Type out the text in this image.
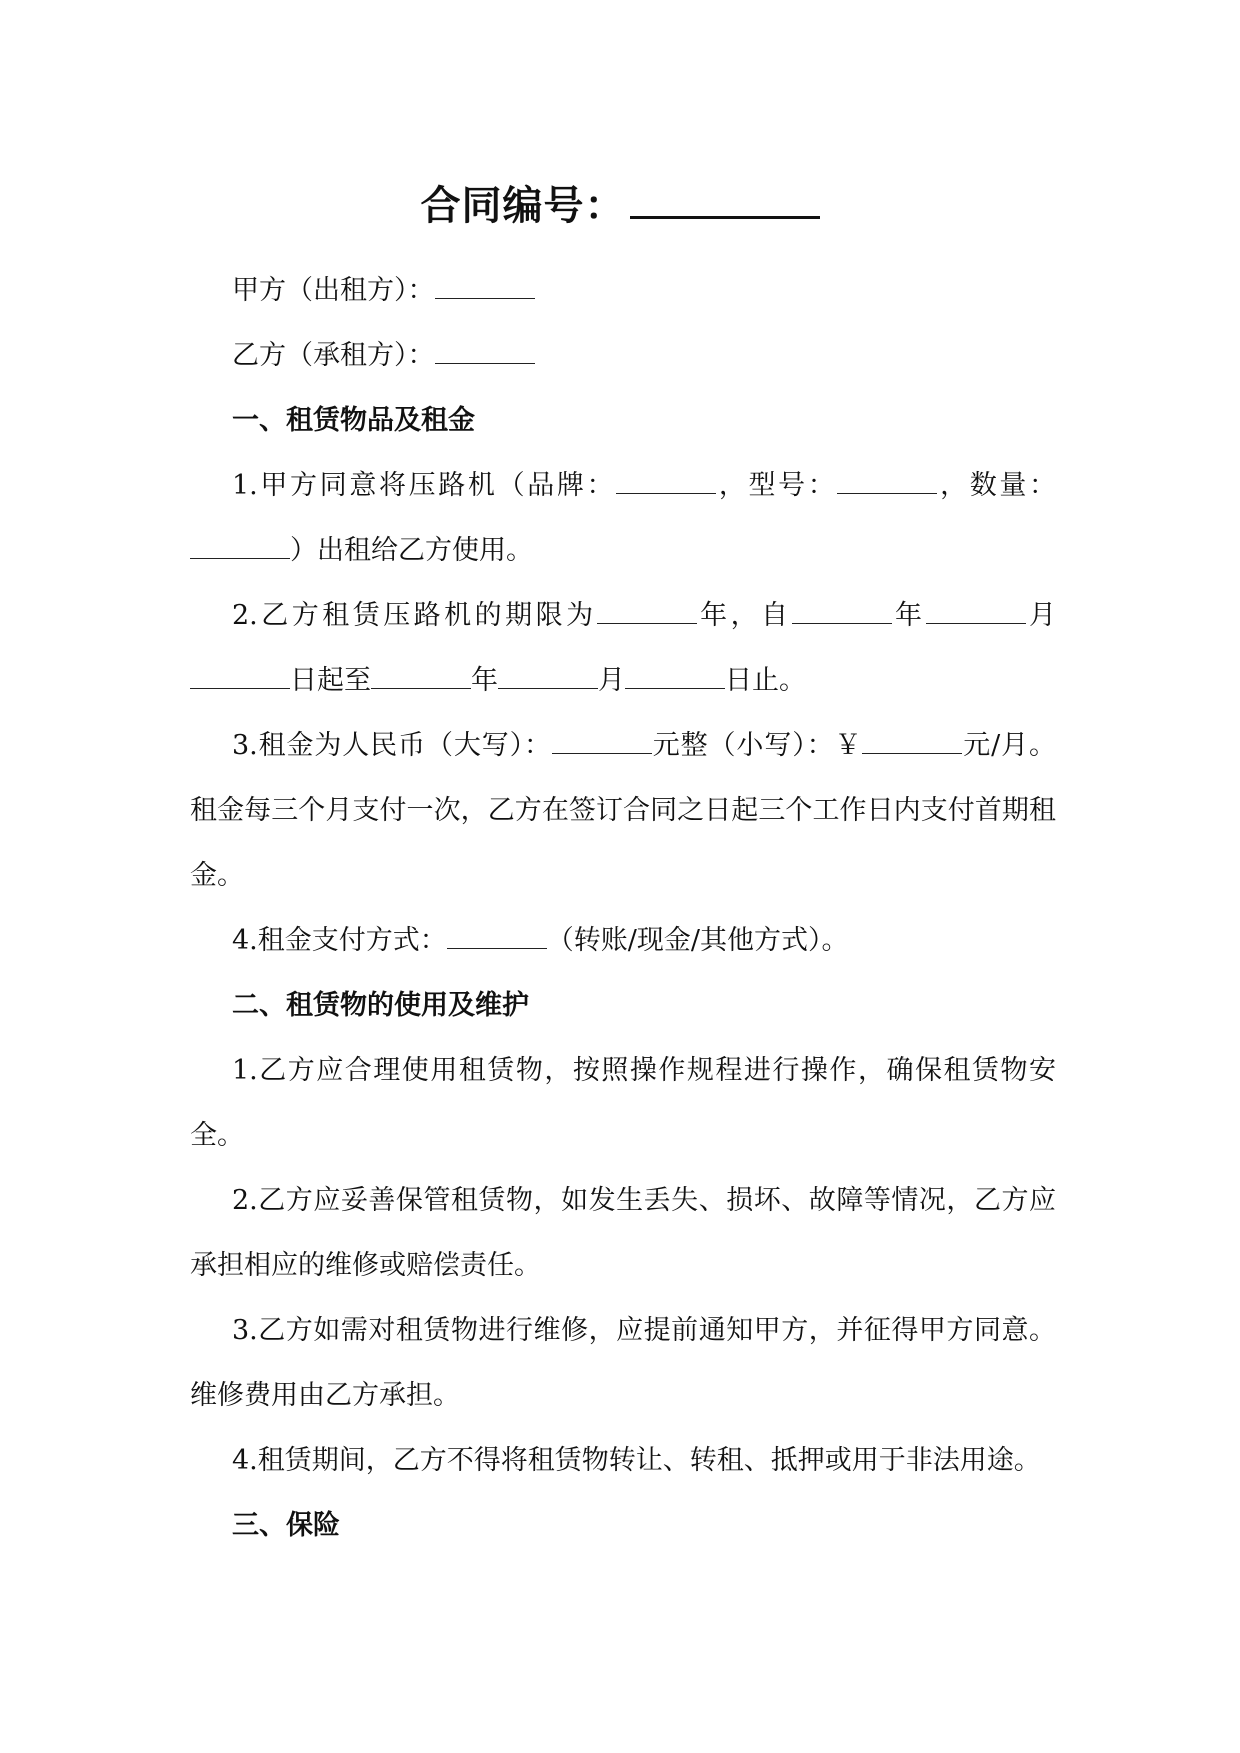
合同编号：

甲方（出租方）：

乙方（承租方）：

一、租赁物品及租金

1.甲方同意将压路机（品牌：	，型号：	，数量：）出租给乙方使用。

2.乙方租赁压路机的期限为	年，自	年	月日起至	年	月	日止。

3.租金为人民币（大写）：	元整（小写）：￥	元/月。租金每三个月支付一次，乙方在签订合同之日起三个工作日内支付首期租金。

4.租金支付方式：	（转账/现金/其他方式）。

二、租赁物的使用及维护

1.乙方应合理使用租赁物，按照操作规程进行操作，确保租赁物安全。

2.乙方应妥善保管租赁物，如发生丢失、损坏、故障等情况，乙方应承担相应的维修或赔偿责任。

3.乙方如需对租赁物进行维修，应提前通知甲方，并征得甲方同意。维修费用由乙方承担。

4.租赁期间，乙方不得将租赁物转让、转租、抵押或用于非法用途。

三、保险
